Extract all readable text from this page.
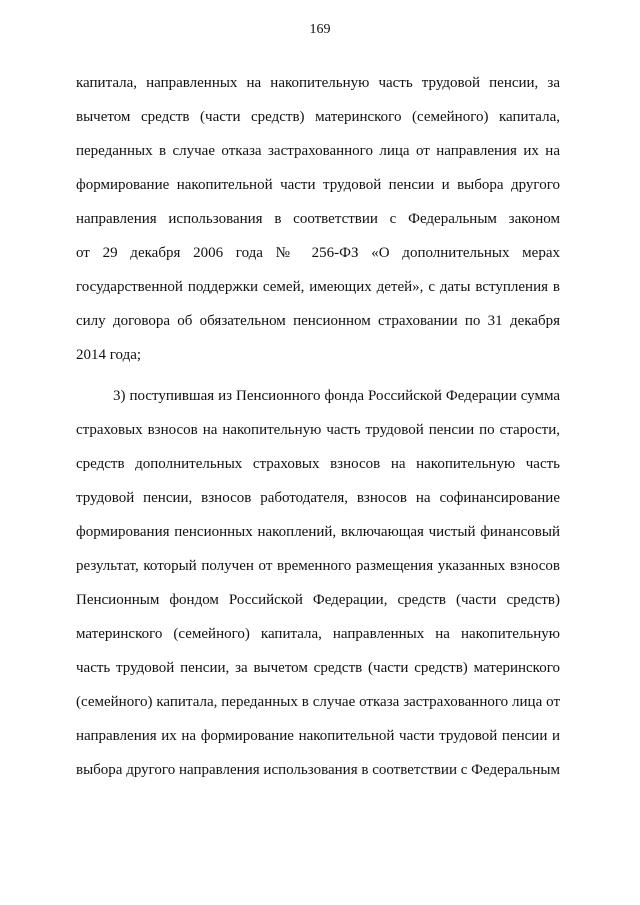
169
капитала, направленных на накопительную часть трудовой пенсии, за
вычетом средств (части средств) материнского (семейного) капитала,
переданных в случае отказа застрахованного лица от направления их на
формирование накопительной части трудовой пенсии и выбора другого
направления использования в соответствии с Федеральным законом
от 29 декабря 2006 года № 256-ФЗ «О дополнительных мерах
государственной поддержки семей, имеющих детей», с даты вступления в
силу договора об обязательном пенсионном страховании по 31 декабря
2014 года;
3) поступившая из Пенсионного фонда Российской Федерации сумма
страховых взносов на накопительную часть трудовой пенсии по старости,
средств дополнительных страховых взносов на накопительную часть
трудовой пенсии, взносов работодателя, взносов на софинансирование
формирования пенсионных накоплений, включающая чистый финансовый
результат, который получен от временного размещения указанных взносов
Пенсионным фондом Российской Федерации, средств (части средств)
материнского (семейного) капитала, направленных на накопительную
часть трудовой пенсии, за вычетом средств (части средств) материнского
(семейного) капитала, переданных в случае отказа застрахованного лица от
направления их на формирование накопительной части трудовой пенсии и
выбора другого направления использования в соответствии с Федеральным
